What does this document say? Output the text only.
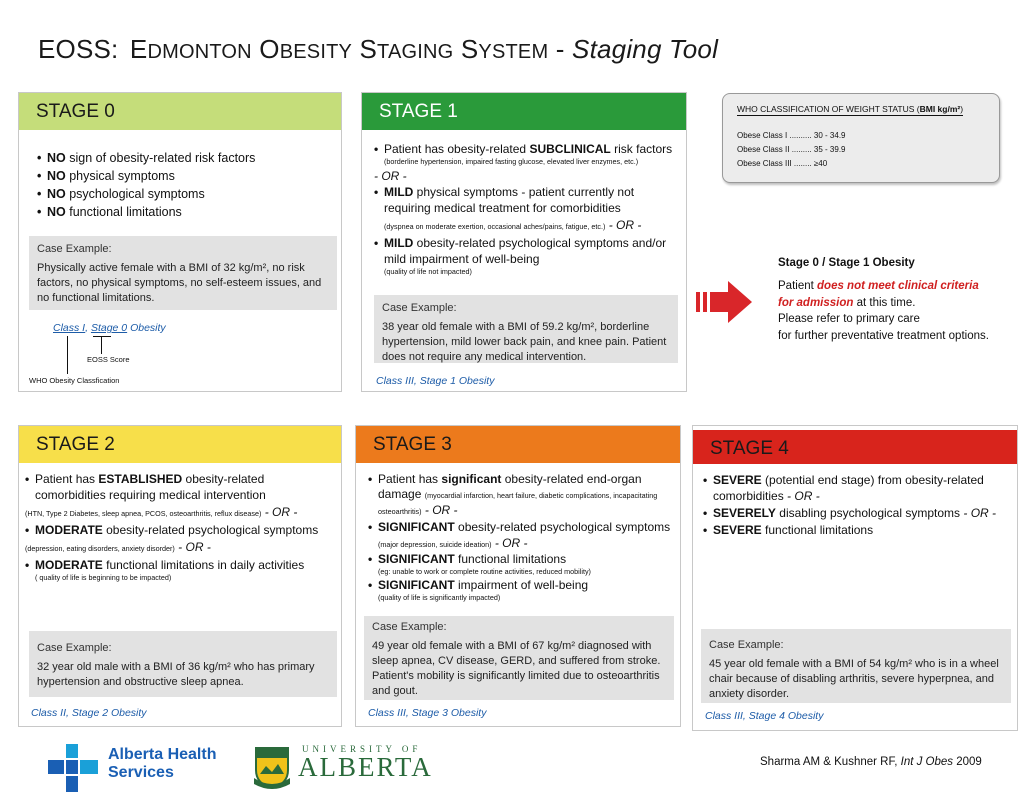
EOSS: EDMONTON OBESITY STAGING SYSTEM - Staging Tool
STAGE 0
• NO sign of obesity-related risk factors
• NO physical symptoms
• NO psychological symptoms
• NO functional limitations
Case Example:
Physically active female with a BMI of 32 kg/m², no risk factors, no physical symptoms, no self-esteem issues, and no functional limitations.
Class I, Stage 0 Obesity
EOSS Score
WHO Obesity Classfication
STAGE 1
• Patient has obesity-related SUBCLINICAL risk factors
(borderline hypertension, impaired fasting glucose, elevated liver enzymes, etc.)
- OR -
• MILD physical symptoms - patient currently not requiring medical treatment for comorbidities
(dyspnea on moderate exertion, occasional aches/pains, fatigue, etc.) - OR -
• MILD obesity-related psychological symptoms and/or mild impairment of well-being
(quality of life not impacted)
Case Example:
38 year old female with a BMI of 59.2 kg/m², borderline hypertension, mild lower back pain, and knee pain. Patient does not require any medical intervention.
Class III, Stage 1 Obesity
WHO CLASSIFICATION OF WEIGHT STATUS (BMI kg/m²)
Obese Class I .......... 30 - 34.9
Obese Class II ......... 35 - 39.9
Obese Class III ........ ≥40
Stage 0 / Stage 1 Obesity
Patient does not meet clinical criteria
for admission at this time.
Please refer to primary care
for further preventative treatment options.
STAGE 2
• Patient has ESTABLISHED obesity-related comorbidities requiring medical intervention
(HTN, Type 2 Diabetes, sleep apnea, PCOS, osteoarthritis, reflux disease) - OR -
• MODERATE obesity-related psychological symptoms
(depression, eating disorders, anxiety disorder) - OR -
• MODERATE functional limitations in daily activities
( quality of life is beginning to be impacted)
Case Example:
32 year old male with a BMI of 36 kg/m² who has primary hypertension and obstructive sleep apnea.
Class II, Stage 2 Obesity
STAGE 3
• Patient has significant obesity-related end-organ damage (myocardial infarction, heart failure, diabetic complications, incapacitating osteoarthritis) - OR -
• SIGNIFICANT obesity-related psychological symptoms
(major depression, suicide ideation) - OR -
• SIGNIFICANT functional limitations
(eg: unable to work or complete routine activities, reduced mobility)
• SIGNIFICANT impairment of well-being
(quality of life is significantly impacted)
Case Example:
49 year old female with a BMI of 67 kg/m² diagnosed with sleep apnea, CV disease, GERD, and suffered from stroke. Patient's mobility is significantly limited due to osteoarthritis and gout.
Class III, Stage 3 Obesity
STAGE 4
• SEVERE (potential end stage) from obesity-related comorbidities - OR -
• SEVERELY disabling psychological symptoms - OR -
• SEVERE functional limitations
Case Example:
45 year old female with a BMI of 54 kg/m² who is in a wheel chair because of disabling arthritis, severe hyperpnea, and anxiety disorder.
Class III, Stage 4 Obesity
Alberta Health
Services
UNIVERSITY OF
ALBERTA	Sharma AM & Kushner RF, Int J Obes 2009
